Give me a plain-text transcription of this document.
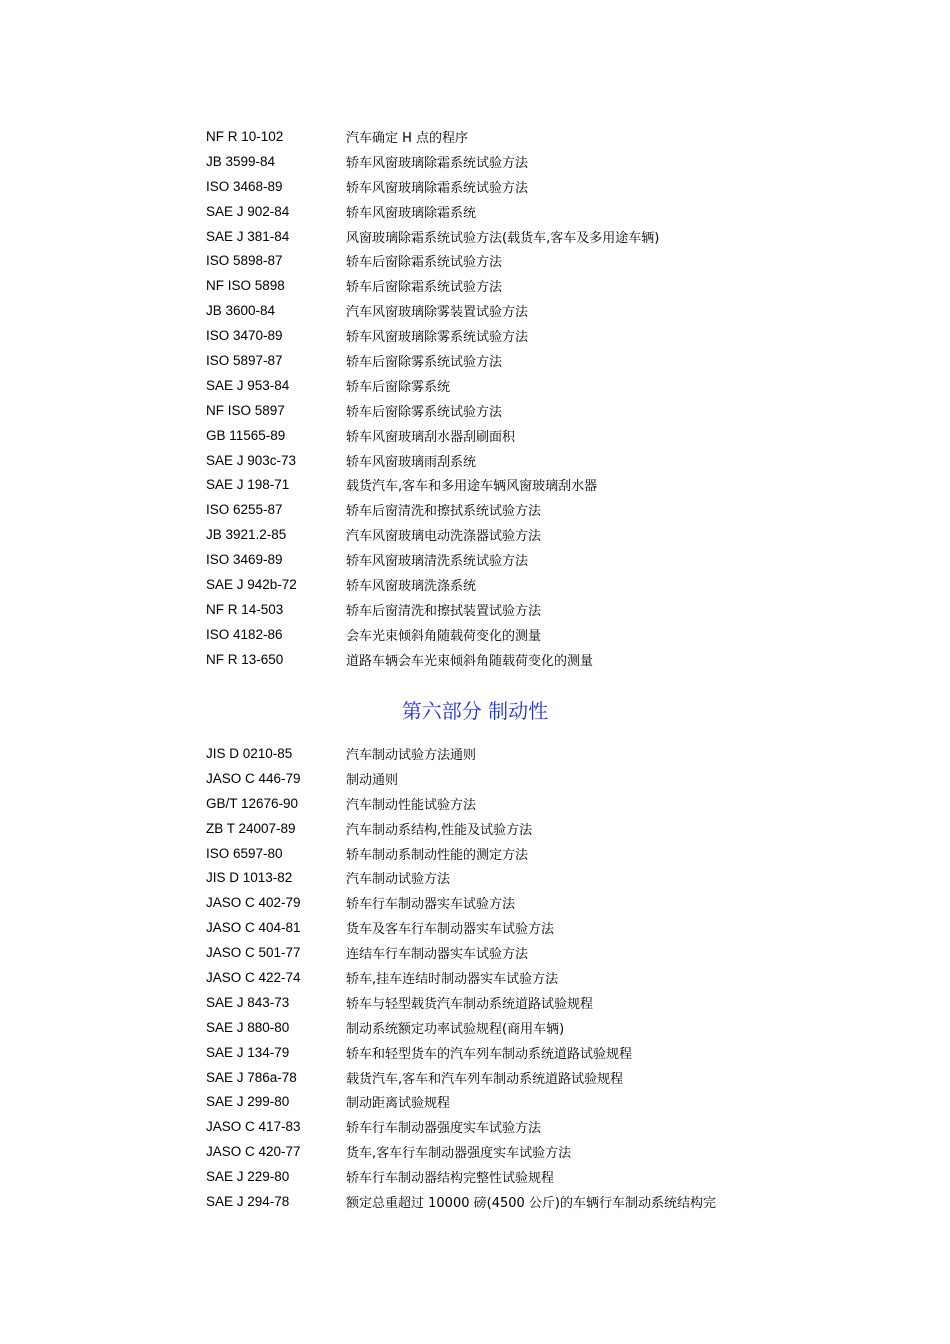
NF R 10-102	汽车确定 H 点的程序
JB 3599-84	轿车风窗玻璃除霜系统试验方法
ISO 3468-89	轿车风窗玻璃除霜系统试验方法
SAE J 902-84	轿车风窗玻璃除霜系统
SAE J 381-84	风窗玻璃除霜系统试验方法(载货车,客车及多用途车辆)
ISO 5898-87	轿车后窗除霜系统试验方法
NF ISO 5898	轿车后窗除霜系统试验方法
JB 3600-84	汽车风窗玻璃除雾装置试验方法
ISO 3470-89	轿车风窗玻璃除雾系统试验方法
ISO 5897-87	轿车后窗除雾系统试验方法
SAE J 953-84	轿车后窗除雾系统
NF ISO 5897	轿车后窗除雾系统试验方法
GB 11565-89	轿车风窗玻璃刮水器刮刷面积
SAE J 903c-73	轿车风窗玻璃雨刮系统
SAE J 198-71	载货汽车,客车和多用途车辆风窗玻璃刮水器
ISO 6255-87	轿车后窗清洗和擦拭系统试验方法
JB 3921.2-85	汽车风窗玻璃电动洗涤器试验方法
ISO 3469-89	轿车风窗玻璃清洗系统试验方法
SAE J 942b-72	轿车风窗玻璃洗涤系统
NF R 14-503	轿车后窗清洗和擦拭装置试验方法
ISO 4182-86	会车光束倾斜角随载荷变化的测量
NF R 13-650	道路车辆会车光束倾斜角随载荷变化的测量
第六部分 制动性
JIS D 0210-85	汽车制动试验方法通则
JASO C 446-79	制动通则
GB/T 12676-90	汽车制动性能试验方法
ZB T 24007-89	汽车制动系结构,性能及试验方法
ISO 6597-80	轿车制动系制动性能的测定方法
JIS D 1013-82	汽车制动试验方法
JASO C 402-79	轿车行车制动器实车试验方法
JASO C 404-81	货车及客车行车制动器实车试验方法
JASO C 501-77	连结车行车制动器实车试验方法
JASO C 422-74	轿车,挂车连结时制动器实车试验方法
SAE J 843-73	轿车与轻型载货汽车制动系统道路试验规程
SAE J 880-80	制动系统额定功率试验规程(商用车辆)
SAE J 134-79	轿车和轻型货车的汽车列车制动系统道路试验规程
SAE J 786a-78	载货汽车,客车和汽车列车制动系统道路试验规程
SAE J 299-80	制动距离试验规程
JASO C 417-83	轿车行车制动器强度实车试验方法
JASO C 420-77	货车,客车行车制动器强度实车试验方法
SAE J 229-80	轿车行车制动器结构完整性试验规程
SAE J 294-78	额定总重超过 10000 磅(4500 公斤)的车辆行车制动系统结构完
